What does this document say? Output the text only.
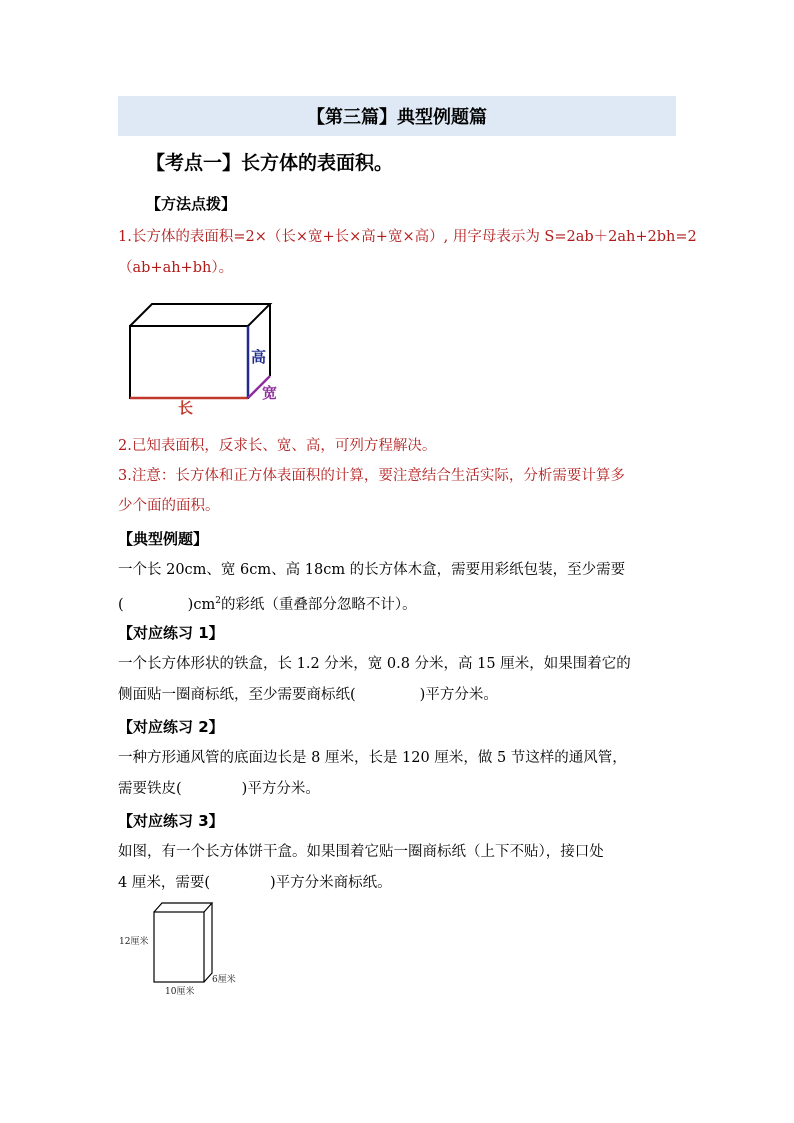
【第三篇】典型例题篇
【考点一】长方体的表面积。
【方法点拨】
1.长方体的表面积=2×（长×宽+长×高+宽×高）, 用字母表示为 S=2ab＋2ah+2bh=2
（ab+ah+bh）。
长
高
宽
2.已知表面积，反求长、宽、高，可列方程解决。
3.注意：长方体和正方体表面积的计算，要注意结合生活实际，分析需要计算多
少个面的面积。
【典型例题】
一个长 20cm、宽 6cm、高 18cm 的长方体木盒，需要用彩纸包装，至少需要
(	)$cm^2$的彩纸（重叠部分忽略不计）。
【对应练习 1】
一个长方体形状的铁盒，长 1.2 分米，宽 0.8 分米，高 15 厘米，如果围着它的
侧面贴一圈商标纸，至少需要商标纸(	)平方分米。
【对应练习 2】
一种方形通风管的底面边长是 8 厘米，长是 120 厘米，做 5 节这样的通风管，
需要铁皮(	)平方分米。
【对应练习 3】
如图，有一个长方体饼干盒。如果围着它贴一圈商标纸（上下不贴），接口处
4 厘米，需要(	)平方分米商标纸。
12厘米
10厘米
6厘米
